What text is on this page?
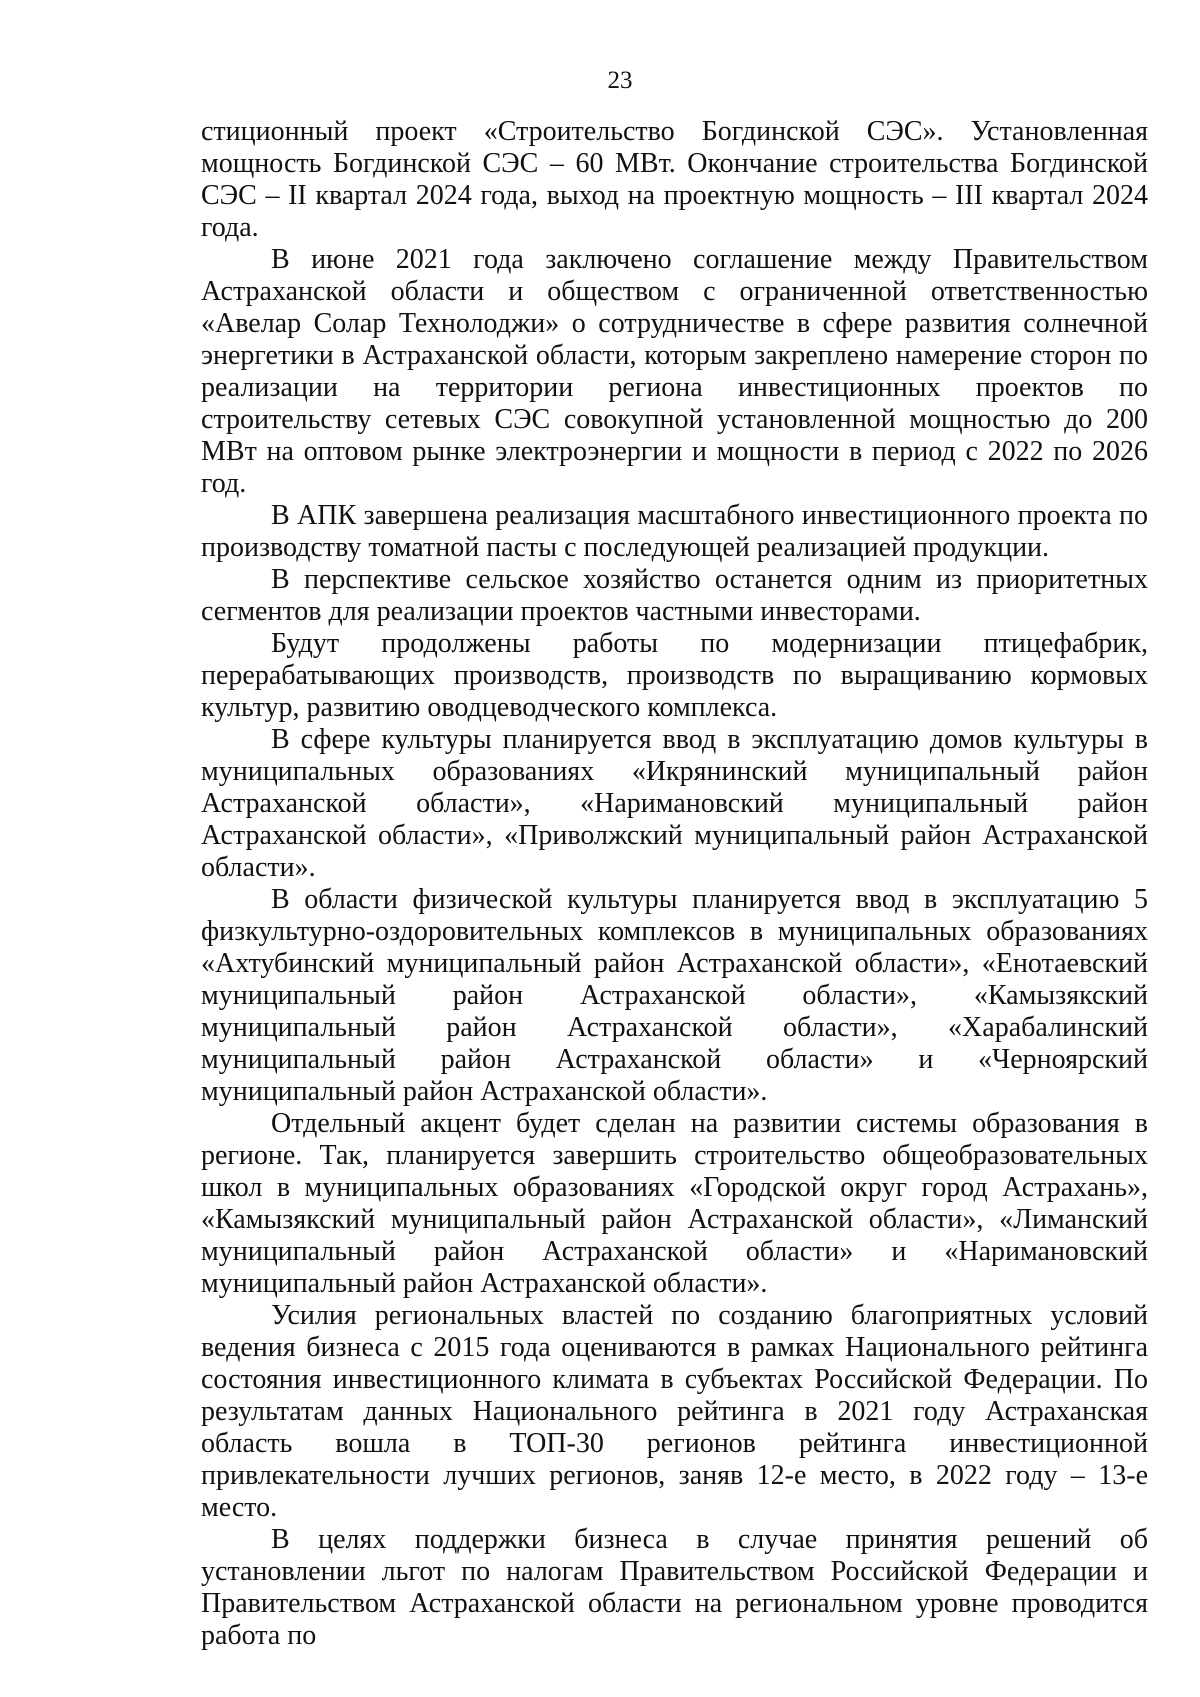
23

стиционный проект «Строительство Богдинской СЭС». Установленная мощность Богдинской СЭС – 60 МВт. Окончание строительства Богдинской СЭС – II квартал 2024 года, выход на проектную мощность – III квартал 2024 года.

В июне 2021 года заключено соглашение между Правительством Астраханской области и обществом с ограниченной ответственностью «Авелар Солар Технолоджи» о сотрудничестве в сфере развития солнечной энергетики в Астраханской области, которым закреплено намерение сторон по реализации на территории региона инвестиционных проектов по строительству сетевых СЭС совокупной установленной мощностью до 200 МВт на оптовом рынке электроэнергии и мощности в период с 2022 по 2026 год.

В АПК завершена реализация масштабного инвестиционного проекта по производству томатной пасты с последующей реализацией продукции.

В перспективе сельское хозяйство останется одним из приоритетных сегментов для реализации проектов частными инвесторами.

Будут продолжены работы по модернизации птицефабрик, перерабатывающих производств, производств по выращиванию кормовых культур, развитию оводцеводческого комплекса.

В сфере культуры планируется ввод в эксплуатацию домов культуры в муниципальных образованиях «Икрянинский муниципальный район Астраханской области», «Наримановский муниципальный район Астраханской области», «Приволжский муниципальный район Астраханской области».

В области физической культуры планируется ввод в эксплуатацию 5 физкультурно-оздоровительных комплексов в муниципальных образованиях «Ахтубинский муниципальный район Астраханской области», «Енотаевский муниципальный район Астраханской области», «Камызякский муниципальный район Астраханской области», «Харабалинский муниципальный район Астраханской области» и «Черноярский муниципальный район Астраханской области».

Отдельный акцент будет сделан на развитии системы образования в регионе. Так, планируется завершить строительство общеобразовательных школ в муниципальных образованиях «Городской округ город Астрахань», «Камызякский муниципальный район Астраханской области», «Лиманский муниципальный район Астраханской области» и «Наримановский муниципальный район Астраханской области».

Усилия региональных властей по созданию благоприятных условий ведения бизнеса с 2015 года оцениваются в рамках Национального рейтинга состояния инвестиционного климата в субъектах Российской Федерации. По результатам данных Национального рейтинга в 2021 году Астраханская область вошла в ТОП-30 регионов рейтинга инвестиционной привлекательности лучших регионов, заняв 12-е место, в 2022 году – 13-е место.

В целях поддержки бизнеса в случае принятия решений об установлении льгот по налогам Правительством Российской Федерации и Правительством Астраханской области на региональном уровне проводится работа по
